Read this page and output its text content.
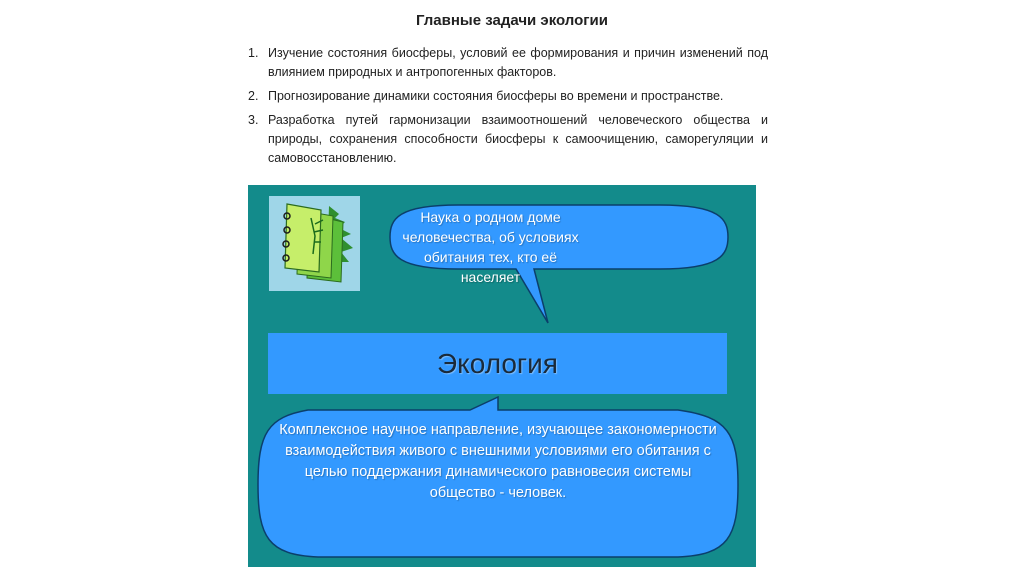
Главные задачи экологии
1. Изучение состояния биосферы, условий ее формирования и причин изменений под влиянием природных и антропогенных факторов.
2. Прогнозирование динамики состояния биосферы во времени и пространстве.
3. Разработка путей гармонизации взаимоотношений человеческого общества и природы, сохранения способности биосферы к самоочищению, саморегуляции и самовосстановлению.
Наука о родном доме человечества, об условиях обитания тех, кто её населяет
Экология
Комплексное научное направление, изучающее закономерности взаимодействия живого с внешними условиями его обитания с целью поддержания динамического равновесия системы общество - человек.
